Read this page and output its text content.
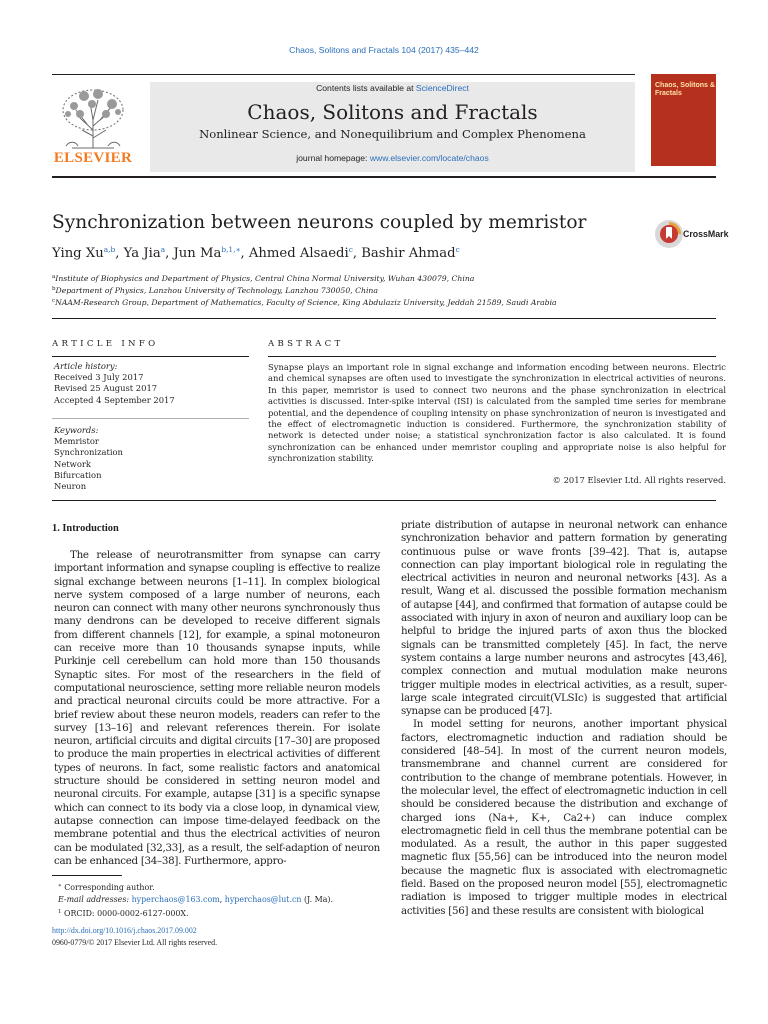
Chaos, Solitons and Fractals 104 (2017) 435–442
ELSEVIER
Contents lists available at ScienceDirect
Chaos, Solitons and Fractals
Nonlinear Science, and Nonequilibrium and Complex Phenomena
journal homepage: www.elsevier.com/locate/chaos
Chaos, Solitons & Fractals
Synchronization between neurons coupled by memristor
CrossMark
Ying Xu$^{a,b}$, Ya Jia$^a$, Jun $Ma^{b,1,∗}$, Ahmed Alsaedi$^c$, Bashir Ahmad$^c$
$^a$Institute of Biophysics and Department of Physics, Central China Normal University, Wuhan 430079, China
$^b$Department of Physics, Lanzhou University of Technology, Lanzhou 730050, China
$^c$NAAM-Research Group, Department of Mathematics, Faculty of Science, King Abdulaziz University, Jeddah 21589, Saudi Arabia
ARTICLE INFO
Article history:
Received 3 July 2017
Revised 25 August 2017
Accepted 4 September 2017
Keywords:
Memristor
Synchronization
Network
Bifurcation
Neuron
ABSTRACT
Synapse plays an important role in signal exchange and information encoding between neurons. Electric and chemical synapses are often used to investigate the synchronization in electrical activities of neurons. In this paper, memristor is used to connect two neurons and the phase synchronization in electrical activities is discussed. Inter-spike interval (ISI) is calculated from the sampled time series for membrane potential, and the dependence of coupling intensity on phase synchronization of neuron is investigated and the effect of electromagnetic induction is considered. Furthermore, the synchronization stability of network is detected under noise; a statistical synchronization factor is also calculated. It is found synchronization can be enhanced under memristor coupling and appropriate noise is also helpful for synchronization stability.
© 2017 Elsevier Ltd. All rights reserved.
1. Introduction
The release of neurotransmitter from synapse can carry important information and synapse coupling is effective to realize signal exchange between neurons [1–11]. In complex biological nerve system composed of a large number of neurons, each neuron can connect with many other neurons synchronously thus many dendrons can be developed to receive different signals from different channels [12], for example, a spinal motoneuron can receive more than 10 thousands synapse inputs, while Purkinje cell cerebellum can hold more than 150 thousands Synaptic sites. For most of the researchers in the field of computational neuroscience, setting more reliable neuron models and practical neuronal circuits could be more attractive. For a brief review about these neuron models, readers can refer to the survey [13–16] and relevant references therein. For isolate neuron, artificial circuits and digital circuits [17–30] are proposed to produce the main properties in electrical activities of different types of neurons. In fact, some realistic factors and anatomical structure should be considered in setting neuron model and neuronal circuits. For example, autapse [31] is a specific synapse which can connect to its body via a close loop, in dynamical view, autapse connection can impose time-delayed feedback on the membrane potential and thus the electrical activities of neuron can be modulated [32,33], as a result, the self-adaption of neuron can be enhanced [34–38]. Furthermore, appro-

priate distribution of autapse in neuronal network can enhance synchronization behavior and pattern formation by generating continuous pulse or wave fronts [39–42]. That is, autapse connection can play important biological role in regulating the electrical activities in neuron and neuronal networks [43]. As a result, Wang et al. discussed the possible formation mechanism of autapse [44], and confirmed that formation of autapse could be associated with injury in axon of neuron and auxiliary loop can be helpful to bridge the injured parts of axon thus the blocked signals can be transmitted completely [45]. In fact, the nerve system contains a large number neurons and astrocytes [43,46], complex connection and mutual modulation make neurons trigger multiple modes in electrical activities, as a result, super-large scale integrated circuit(VLSIc) is suggested that artificial synapse can be produced [47].

In model setting for neurons, another important physical factors, electromagnetic induction and radiation should be considered [48–54]. In most of the current neuron models, transmembrane and channel current are considered for contribution to the change of membrane potentials. However, in the molecular level, the effect of electromagnetic induction in cell should be considered because the distribution and exchange of charged ions (Na+, K+, Ca2+) can induce complex electromagnetic field in cell thus the membrane potential can be modulated. As a result, the author in this paper suggested magnetic flux [55,56] can be introduced into the neuron model because the magnetic flux is associated with electromagnetic field. Based on the proposed neuron model [55], electromagnetic radiation is imposed to trigger multiple modes in electrical activities [56] and these results are consistent with biological

∗ Corresponding author.
E-mail addresses: hyperchaos@163.com, hyperchaos@lut.cn (J. Ma).
$^1$ ORCID: 0000-0002-6127-000X.
http://dx.doi.org/10.1016/j.chaos.2017.09.002
0960-0779/© 2017 Elsevier Ltd. All rights reserved.
